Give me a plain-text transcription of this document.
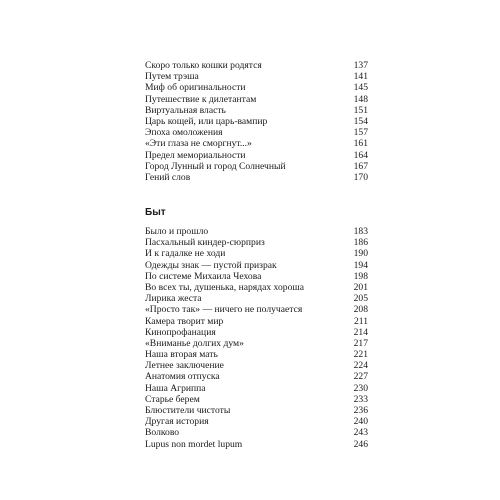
Скоро только кошки родятся	137
Путем трэша	141
Миф об оригинальности	145
Путешествие к дилетантам	148
Виртуальная власть	151
Царь кощей, или царь-вампир	154
Эпоха омоложения	157
«Эти глаза не сморгнут...»	161
Предел мемориальности	164
Город Лунный и город Солнечный	167
Гений слов	170
Быт
Было и прошло	183
Пасхальный киндер-сюрприз	186
И к гадалке не ходи	190
Одежды знак — пустой призрак	194
По системе Михаила Чехова	198
Во всех ты, душенька, нарядах хороша	201
Лирика жеста	205
«Просто так» — ничего не получается	208
Камера творит мир	211
Кинопрофанация	214
«Вниманье долгих дум»	217
Наша вторая мать	221
Летнее заключение	224
Анатомия отпуска	227
Наша Агриппа	230
Старье берем	233
Блюстители чистоты	236
Другая история	240
Волково	243
Lupus non mordet lupum	246
